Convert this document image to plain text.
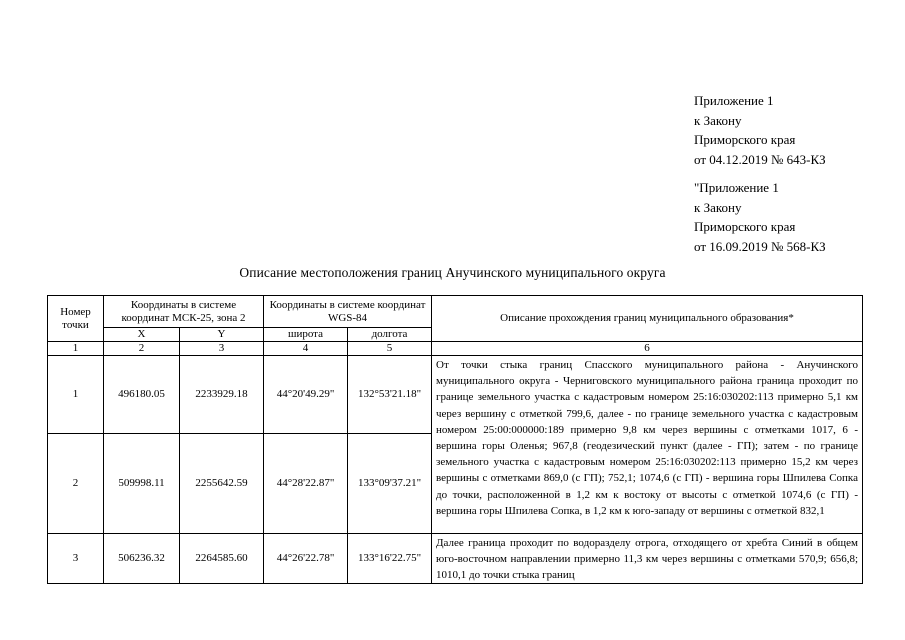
Приложение 1
к Закону
Приморского края
от 04.12.2019 № 643-КЗ
"Приложение 1
к Закону
Приморского края
от 16.09.2019 № 568-КЗ
Описание местоположения границ Анучинского муниципального округа
Номер точки	Координаты в системе координат МСК-25, зона 2		Координаты в системе координат WGS-84		Описание прохождения границ муниципального образования*
	X	Y	широта	долгота	
1	2	3	4	5	6
1	496180.05	2233929.18	44°20'49.29"	132°53'21.18"	От точки стыка границ Спасского муниципального района - Анучинского муниципального округа - Черниговского муниципального района граница проходит по границе земельного участка с кадастровым номером 25:16:030202:113 примерно 5,1 км через вершину с отметкой 799,6, далее - по границе земельного участка с кадастровым номером 25:00:000000:189 примерно 9,8 км через вершины с отметками 1017, 6 - вершина горы Оленья; 967,8 (геодезический пункт (далее - ГП); затем - по границе земельного участка с кадастровым номером 25:16:030202:113 примерно 15,2 км через вершины с отметками 869,0 (с ГП); 752,1; 1074,6 (с ГП) - вершина горы Шпилева Сопка до точки, расположенной в 1,2 км к востоку от высоты с отметкой 1074,6 (с ГП) - вершина горы Шпилева Сопка, в 1,2 км к юго-западу от вершины с отметкой 832,1
2	509998.11	2255642.59	44°28'22.87"	133°09'37.21"	
3	506236.32	2264585.60	44°26'22.78"	133°16'22.75"	Далее граница проходит по водоразделу отрога, отходящего от хребта Синий в общем юго-восточном направлении примерно 11,3 км через вершины с отметками 570,9; 656,8; 1010,1 до точки стыка границ
